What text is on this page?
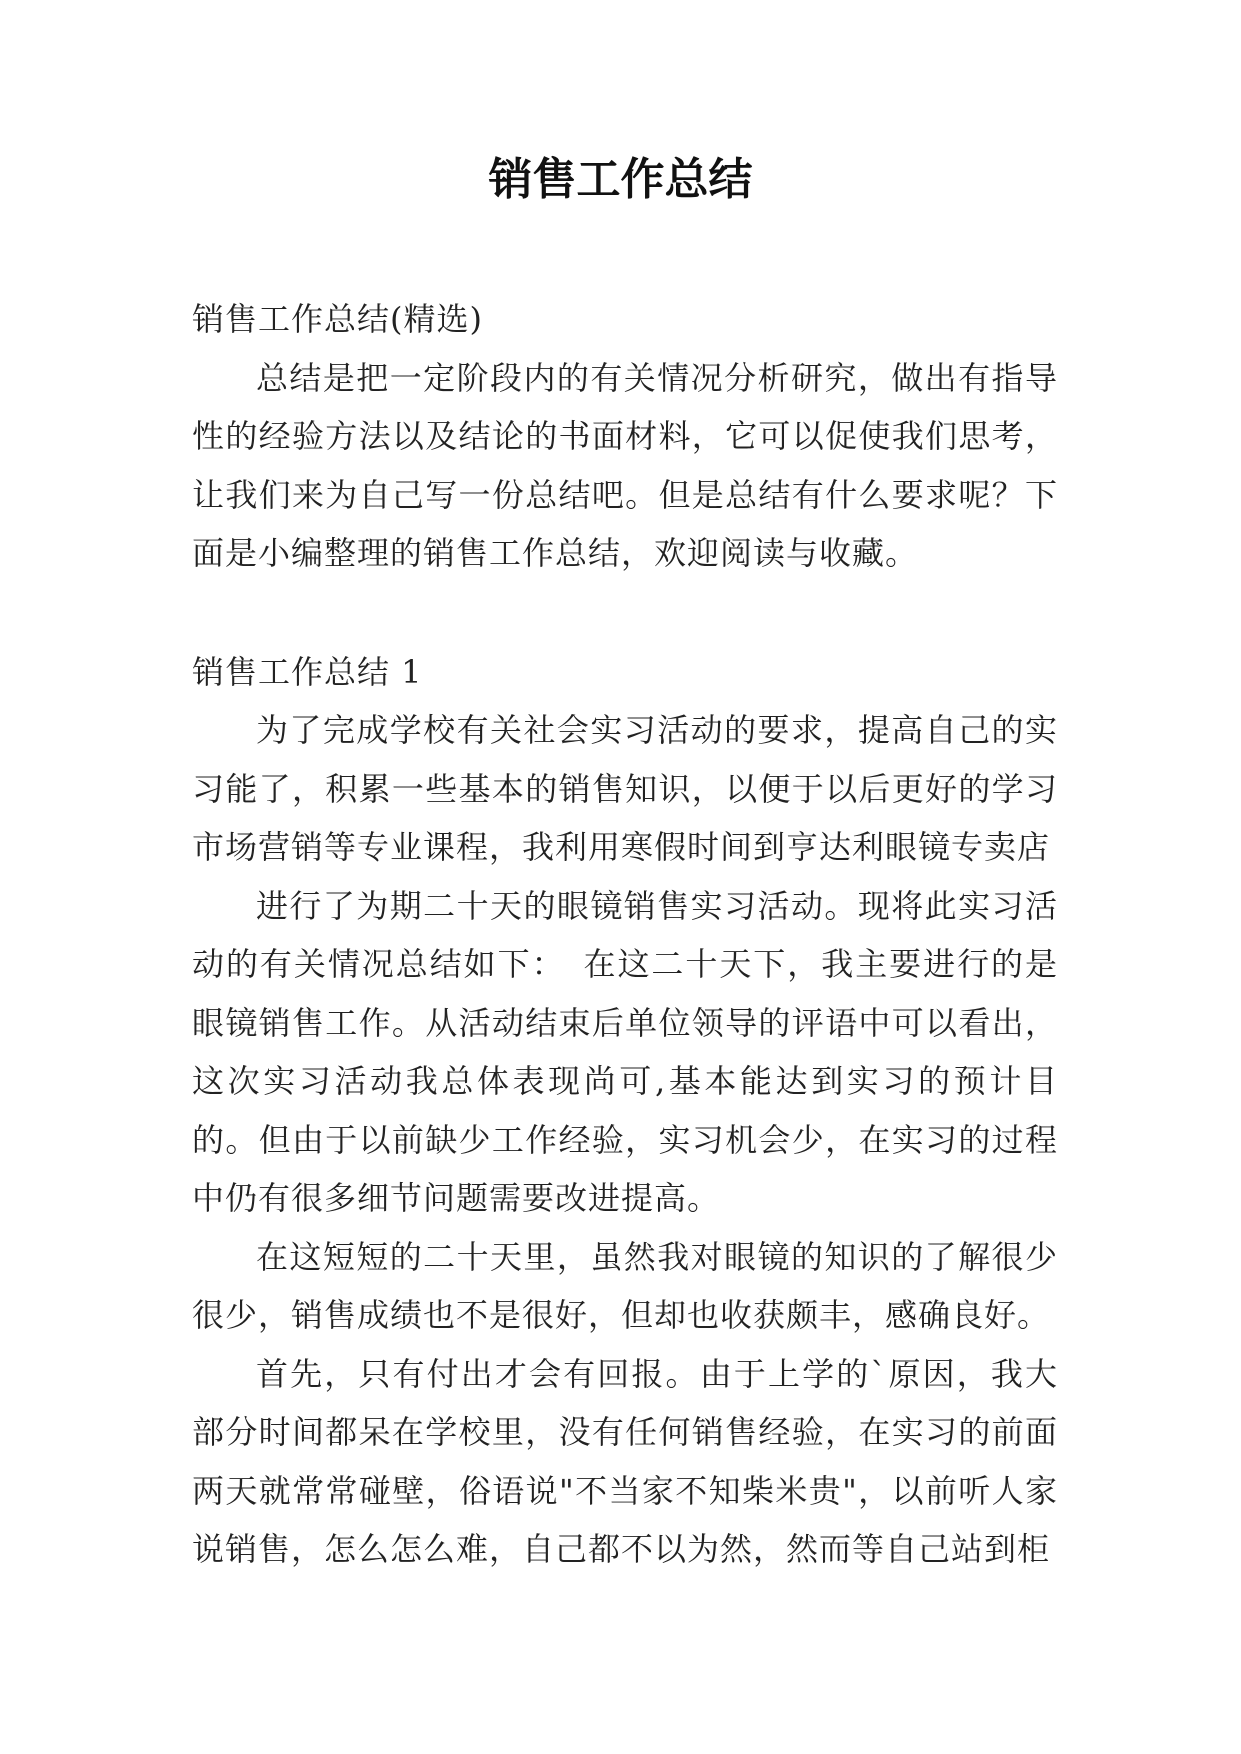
销售工作总结

销售工作总结(精选)

总结是把一定阶段内的有关情况分析研究，做出有指导性的经验方法以及结论的书面材料，它可以促使我们思考，让我们来为自己写一份总结吧。但是总结有什么要求呢？下面是小编整理的销售工作总结，欢迎阅读与收藏。

销售工作总结 1

为了完成学校有关社会实习活动的要求，提高自己的实习能了，积累一些基本的销售知识，以便于以后更好的学习市场营销等专业课程，我利用寒假时间到亨达利眼镜专卖店

进行了为期二十天的眼镜销售实习活动。现将此实习活动的有关情况总结如下：　在这二十天下，我主要进行的是眼镜销售工作。从活动结束后单位领导的评语中可以看出，这次实习活动我总体表现尚可,基本能达到实习的预计目的。但由于以前缺少工作经验，实习机会少，在实习的过程中仍有很多细节问题需要改进提高。

在这短短的二十天里，虽然我对眼镜的知识的了解很少很少，销售成绩也不是很好，但却也收获颇丰，感确良好。

首先，只有付出才会有回报。由于上学的`原因，我大部分时间都呆在学校里，没有任何销售经验，在实习的前面两天就常常碰壁，俗语说"不当家不知柴米贵"，以前听人家说销售，怎么怎么难，自己都不以为然，然而等自己站到柜
